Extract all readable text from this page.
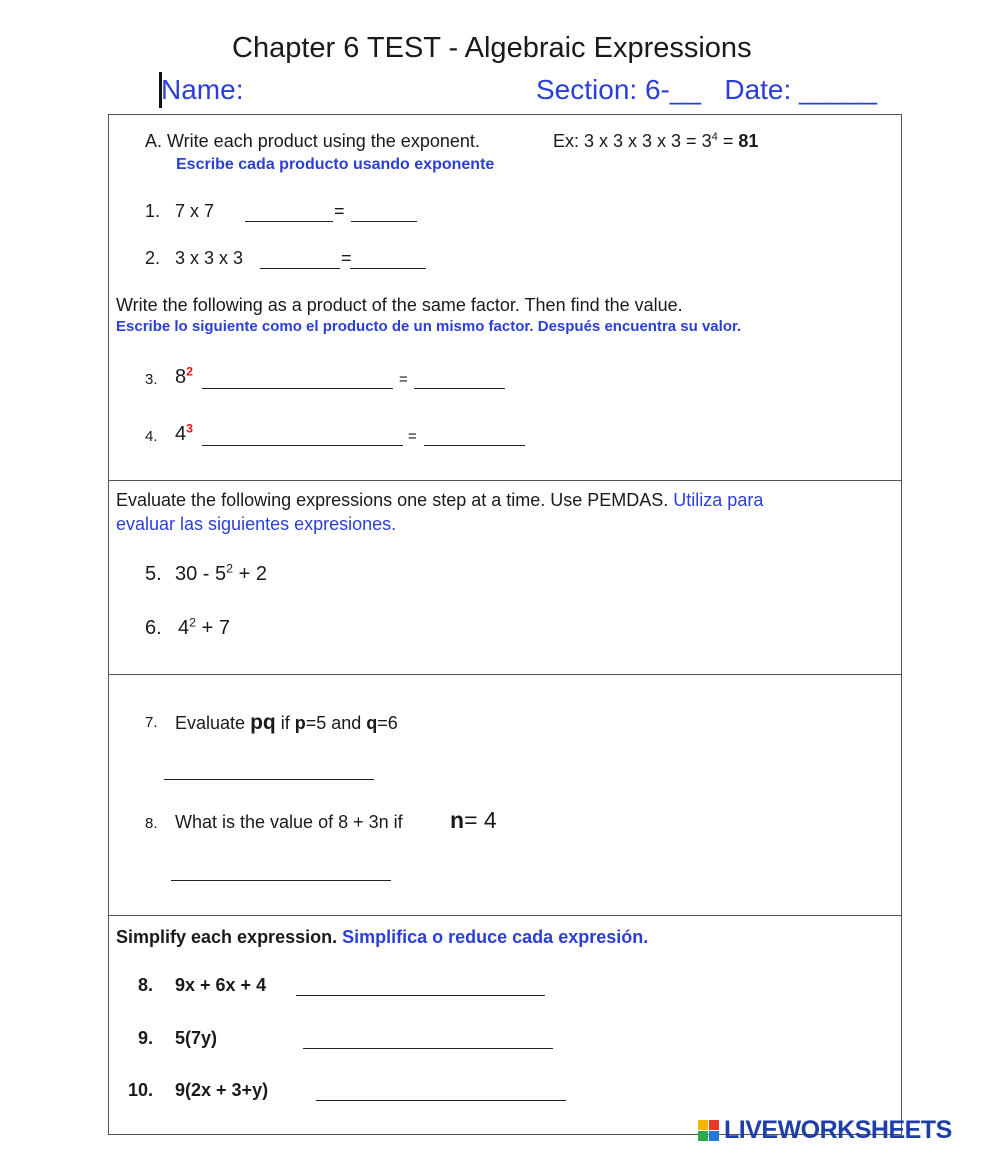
Chapter 6 TEST - Algebraic Expressions
Name:	Section: 6-__ Date: _____
A. Write each product using the exponent.	Ex: 3 x 3 x 3 x $3 = 3^4 = 81$
Escribe cada producto usando exponente
1. 7 x 7	=
2. 3 x 3 x 3	=
Write the following as a product of the same factor. Then find the value.
Escribe lo siguiente como el producto de un mismo factor. Después encuentra su valor.
3. $8^2$	=
4. $4^3$	=
Evaluate the following expressions one step at a time. Use PEMDAS. Utiliza para
evaluar las siguientes expresiones.
5. $30 - 5^2 + 2$
6. $4^2 + 7$
7. Evaluate pq if p=5 and q=6
8. What is the value of 8 + 3n if n= 4
Simplify each expression. Simplifica o reduce cada expresión.
8. 9x + 6x + 4
9. 5(7y)
10. 9(2x + 3+y)
LIVEWORKSHEETS
